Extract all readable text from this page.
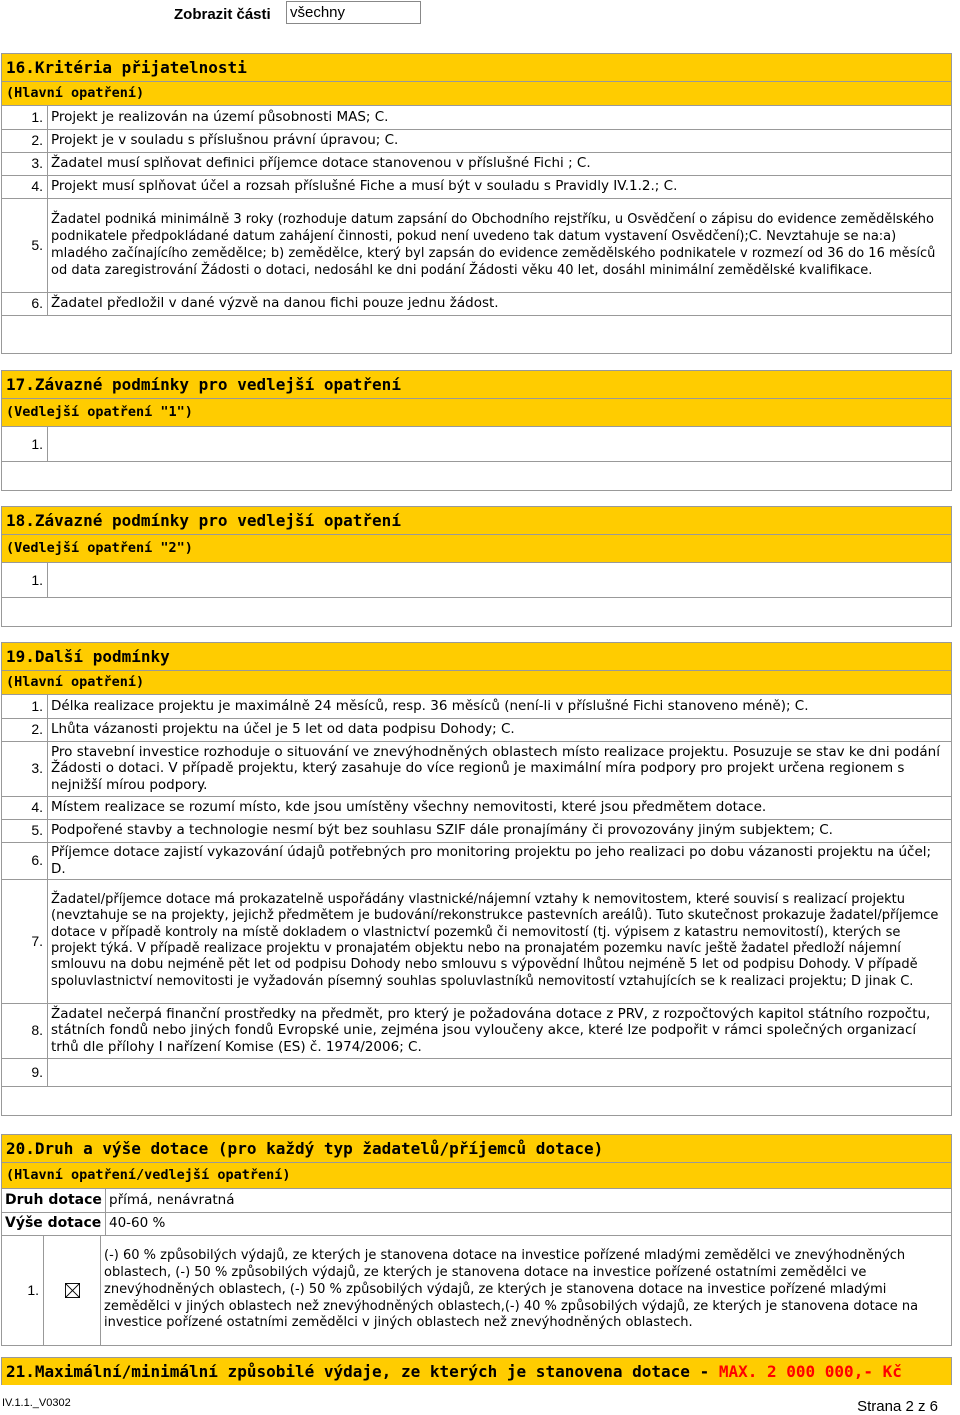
Zobrazit části všechny
16.Kritéria přijatelnosti
(Hlavní opatření)
1.	Projekt je realizován na území působnosti MAS; C.
2.	Projekt je v souladu s příslušnou právní úpravou; C.
3.	Žadatel musí splňovat definici příjemce dotace stanovenou v příslušné Fichi ; C.
4.	Projekt musí splňovat účel a rozsah příslušné Fiche a musí být v souladu s Pravidly IV.1.2.; C.
5.	Žadatel podniká minimálně 3 roky (rozhoduje datum zapsání do Obchodního rejstříku, u Osvědčení o zápisu do evidence zemědělského podnikatele předpokládané datum zahájení činnosti, pokud není uvedeno tak datum vystavení Osvědčení);C. Nevztahuje se na:a) mladého začínajícího zemědělce; b) zemědělce, který byl zapsán do evidence zemědělského podnikatele v rozmezí od 36 do 16 měsíců od data zaregistrování Žádosti o dotaci, nedosáhl ke dni podání Žádosti věku 40 let, dosáhl minimální zemědělské kvalifikace.
6.	Žadatel předložil v dané výzvě na danou fichi pouze jednu žádost.
17.Závazné podmínky pro vedlejší opatření
(Vedlejší opatření "1")
1.	
18.Závazné podmínky pro vedlejší opatření
(Vedlejší opatření "2")
1.	
19.Další podmínky
(Hlavní opatření)
1.	Délka realizace projektu je maximálně 24 měsíců, resp. 36 měsíců (není-li v příslušné Fichi stanoveno méně); C.
2.	Lhůta vázanosti projektu na účel je 5 let od data podpisu Dohody; C.
3.	Pro stavební investice rozhoduje o situování ve znevýhodněných oblastech místo realizace projektu. Posuzuje se stav ke dni podání Žádosti o dotaci. V případě projektu, který zasahuje do více regionů je maximální míra podpory pro projekt určena regionem s nejnižší mírou podpory.
4.	Místem realizace se rozumí místo, kde jsou umístěny všechny nemovitosti, které jsou předmětem dotace.
5.	Podpořené stavby a technologie nesmí být bez souhlasu SZIF dále pronajímány či provozovány jiným subjektem; C.
6.	Příjemce dotace zajistí vykazování údajů potřebných pro monitoring projektu po jeho realizaci po dobu vázanosti projektu na účel; D.
7.	Žadatel/příjemce dotace má prokazatelně uspořádány vlastnické/nájemní vztahy k nemovitostem, které souvisí s realizací projektu (nevztahuje se na projekty, jejichž předmětem je budování/rekonstrukce pastevních areálů). Tuto skutečnost prokazuje žadatel/příjemce dotace v případě kontroly na místě dokladem o vlastnictví pozemků či nemovitostí (tj. výpisem z katastru nemovitostí), kterých se projekt týká. V případě realizace projektu v pronajatém objektu nebo na pronajatém pozemku navíc ještě žadatel předloží nájemní smlouvu na dobu nejméně pět let od podpisu Dohody nebo smlouvu s výpovědní lhůtou nejméně 5 let od podpisu Dohody. V případě spoluvlastnictví nemovitosti je vyžadován písemný souhlas spoluvlastníků nemovitostí vztahujících se k realizaci projektu; D jinak C.
8.	Žadatel nečerpá finanční prostředky na předmět, pro který je požadována dotace z PRV, z rozpočtových kapitol státního rozpočtu, státních fondů nebo jiných fondů Evropské unie, zejména jsou vyloučeny akce, které lze podpořit v rámci společných organizací trhů dle přílohy I nařízení Komise (ES) č. 1974/2006; C.
9.	
20.Druh a výše dotace (pro každý typ žadatelů/příjemců dotace)
(Hlavní opatření/vedlejší opatření)
Druh dotace	přímá, nenávratná
Výše dotace	40-60 %
1.		(-) 60 % způsobilých výdajů, ze kterých je stanovena dotace na investice pořízené mladými zemědělci ve znevýhodněných oblastech, (-) 50 % způsobilých výdajů, ze kterých je stanovena dotace na investice pořízené ostatními zemědělci ve znevýhodněných oblastech, (-) 50 % způsobilých výdajů, ze kterých je stanovena dotace na investice pořízené mladými zemědělci v jiných oblastech než znevýhodněných oblastech,(-) 40 % způsobilých výdajů, ze kterých je stanovena dotace na investice pořízené ostatními zemědělci v jiných oblastech než znevýhodněných oblastech.
21.Maximální/minimální způsobilé výdaje, ze kterých je stanovena dotace - MAX. 2 000 000,- Kč
IV.1.1._V0302	Strana 2 z 6
